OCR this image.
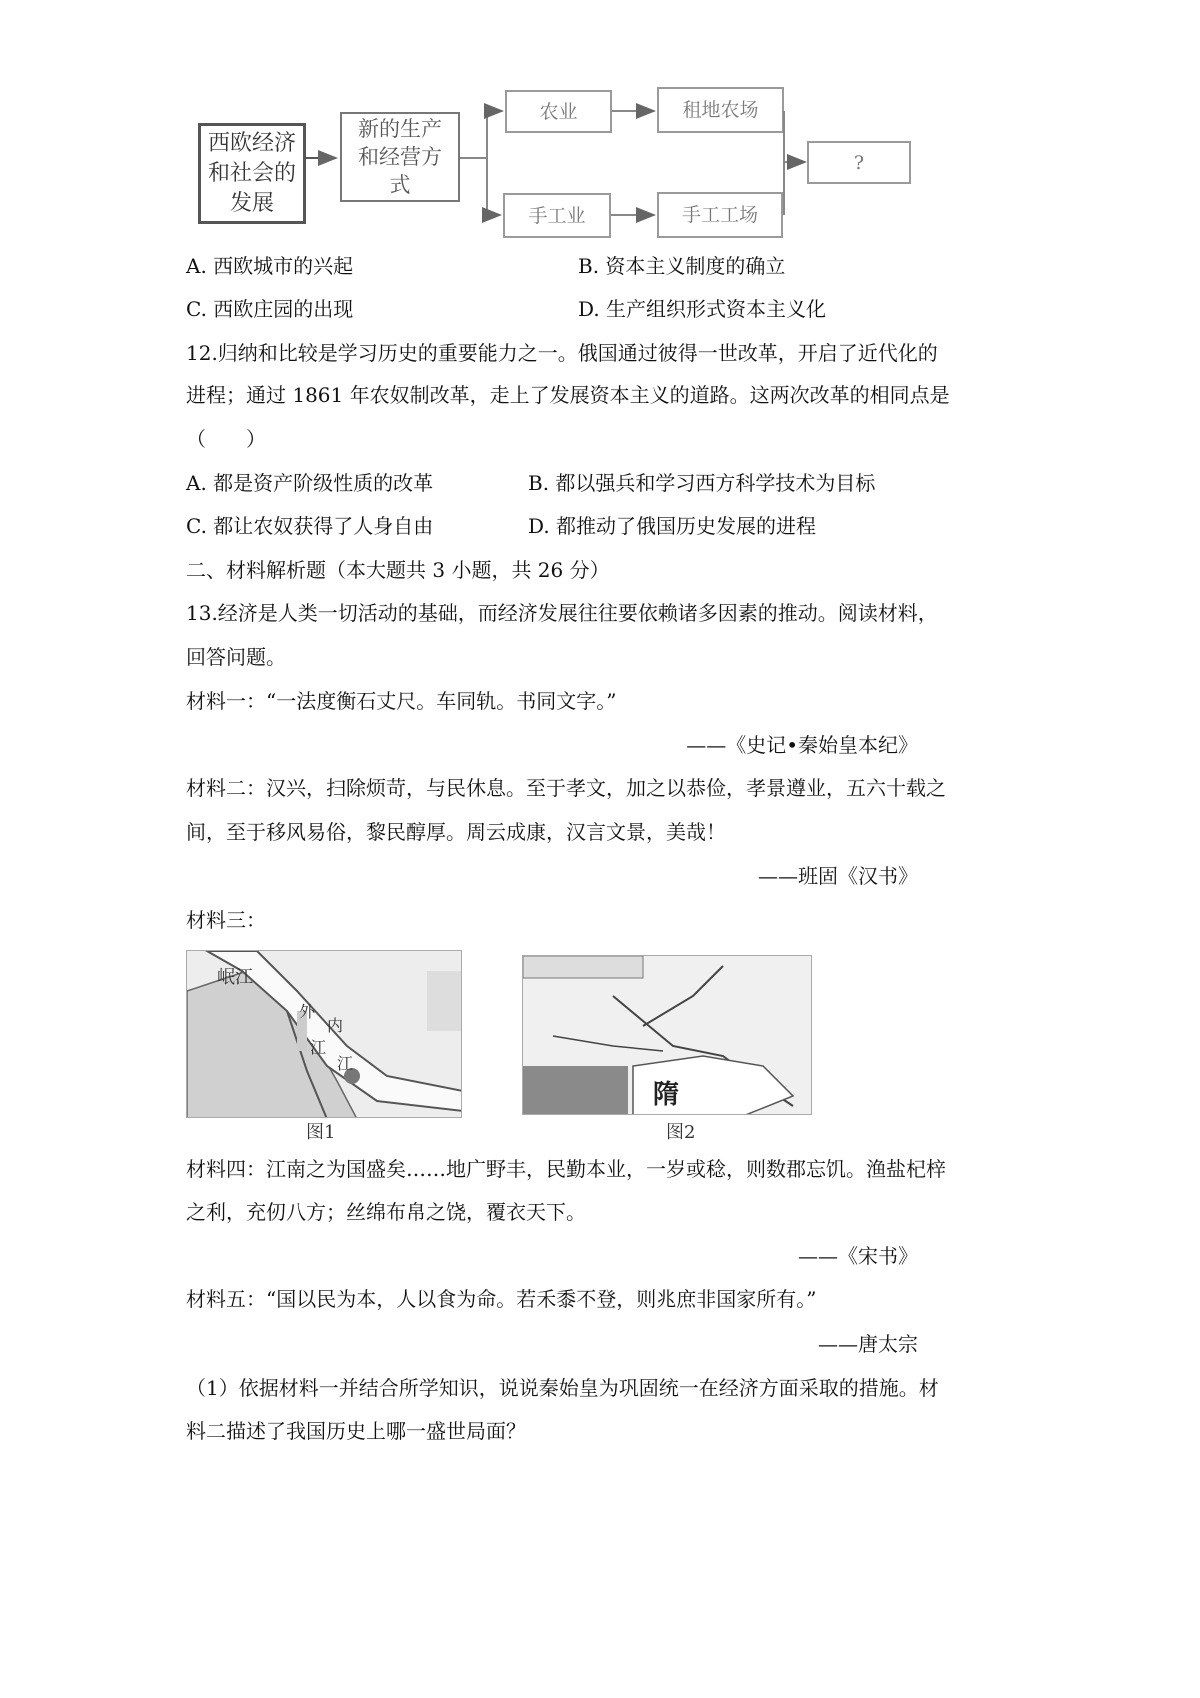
西欧经济和社会的发展
新的生产和经营方式
农业	租地农场
手工业	手工工场
?
A. 西欧城市的兴起	B. 资本主义制度的确立
C. 西欧庄园的出现	D. 生产组织形式资本主义化
12.归纳和比较是学习历史的重要能力之一。俄国通过彼得一世改革，开启了近代化的
进程；通过 1861 年农奴制改革，走上了发展资本主义的道路。这两次改革的相同点是
（　　）
A. 都是资产阶级性质的改革	B. 都以强兵和学习西方科学技术为目标
C. 都让农奴获得了人身自由	D. 都推动了俄国历史发展的进程
二、材料解析题（本大题共 3 小题，共 26 分）
13.经济是人类一切活动的基础，而经济发展往往要依赖诸多因素的推动。阅读材料，
回答问题。
材料一：“一法度衡石丈尺。车同轨。书同文字。”
——《史记•秦始皇本纪》
材料二：汉兴，扫除烦苛，与民休息。至于孝文，加之以恭俭，孝景遵业，五六十载之
间，至于移风易俗，黎民醇厚。周云成康，汉言文景，美哉！
——班固《汉书》
材料三：
岷江
外
内
江
江
图1
隋
图2
材料四：江南之为国盛矣……地广野丰，民勤本业，一岁或稔，则数郡忘饥。渔盐杞梓
之利，充仞八方；丝绵布帛之饶，覆衣天下。
——《宋书》
材料五：“国以民为本，人以食为命。若禾黍不登，则兆庶非国家所有。”
——唐太宗
（1）依据材料一并结合所学知识，说说秦始皇为巩固统一在经济方面采取的措施。材
料二描述了我国历史上哪一盛世局面？
